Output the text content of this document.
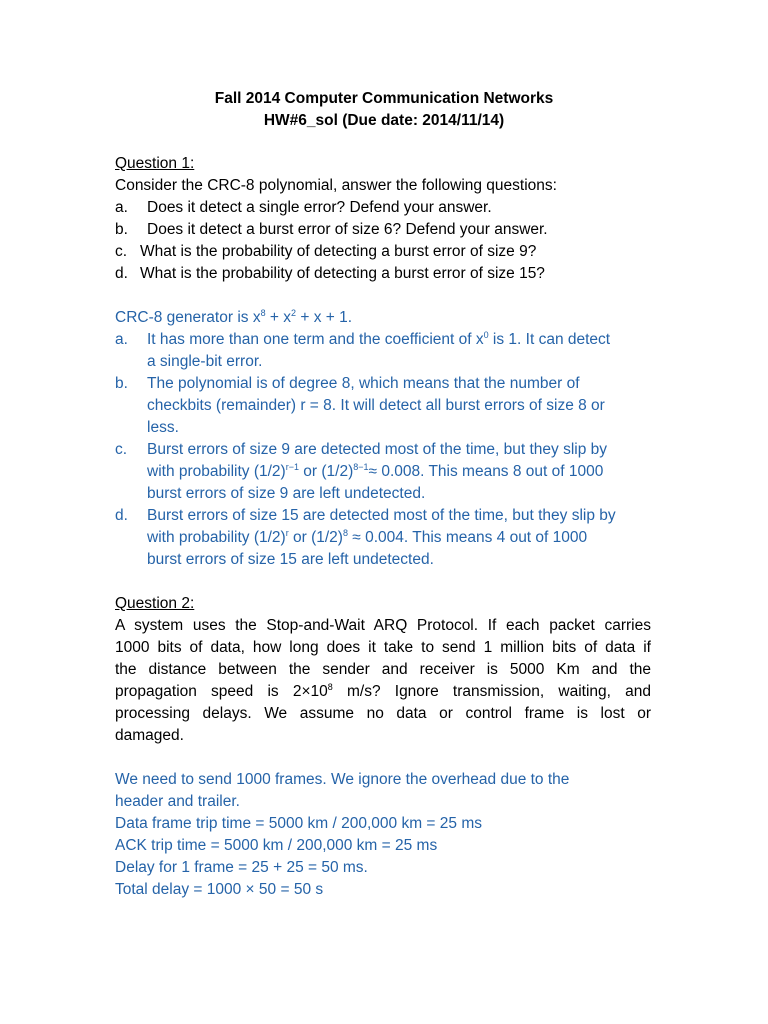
Fall 2014 Computer Communication Networks
HW#6_sol (Due date: 2014/11/14)
Question 1:
Consider the CRC-8 polynomial, answer the following questions:
a. Does it detect a single error? Defend your answer.
b. Does it detect a burst error of size 6? Defend your answer.
c. What is the probability of detecting a burst error of size 9?
d. What is the probability of detecting a burst error of size 15?
CRC-8 generator is $x^8 + x^2 + x + 1$.
a. It has more than one term and the coefficient of $x^0$ is 1. It can detect
a single-bit error.
b. The polynomial is of degree 8, which means that the number of
checkbits (remainder) r = 8. It will detect all burst errors of size 8 or
less.
c. Burst errors of size 9 are detected most of the time, but they slip by
with probability $(1/2)^{r-1}$ or $(1/2)^{8-1}\approx 0.008$. This means 8 out of 1000
burst errors of size 9 are left undetected.
d. Burst errors of size 15 are detected most of the time, but they slip by
with probability $(1/2)^r$ or $(1/2)^8 \approx 0.004$. This means 4 out of 1000
burst errors of size 15 are left undetected.
Question 2:
A system uses the Stop-and-Wait ARQ Protocol. If each packet carries
1000 bits of data, how long does it take to send 1 million bits of data if
the distance between the sender and receiver is 5000 Km and the
propagation speed is $2\times 10^8$ m/s? Ignore transmission, waiting, and
processing delays. We assume no data or control frame is lost or
damaged.
We need to send 1000 frames. We ignore the overhead due to the
header and trailer.
Data frame trip time = 5000 km / 200,000 km = 25 ms
ACK trip time = 5000 km / 200,000 km = 25 ms
Delay for 1 frame = 25 + 25 = 50 ms.
Total delay = 1000 × 50 = 50 s
